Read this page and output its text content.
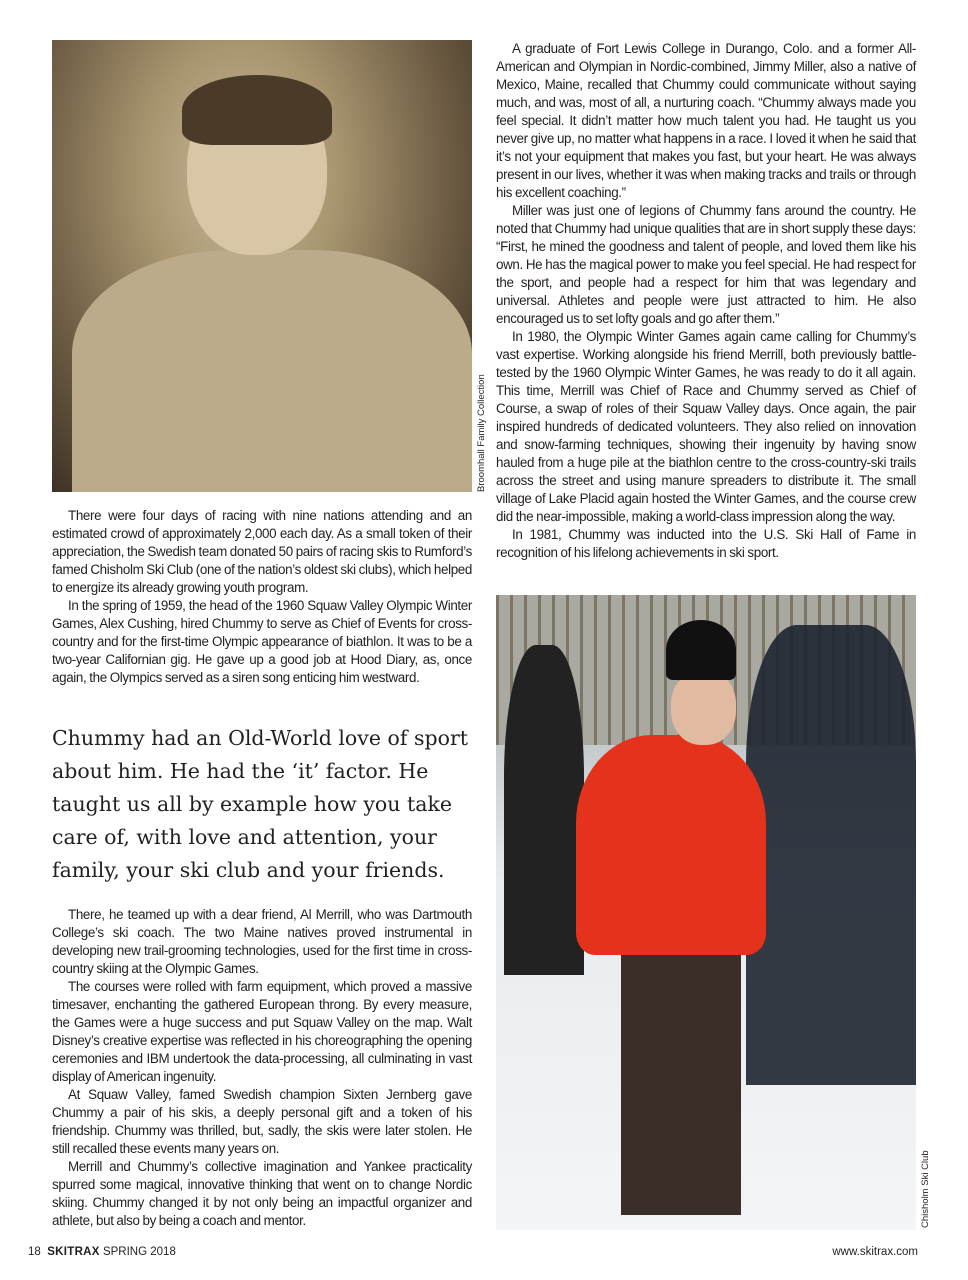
Broomhall Family Collection

There were four days of racing with nine nations attending and an estimated crowd of approximately 2,000 each day. As a small token of their appreciation, the Swedish team donated 50 pairs of racing skis to Rumford’s famed Chisholm Ski Club (one of the nation’s oldest ski clubs), which helped to energize its already growing youth program.

In the spring of 1959, the head of the 1960 Squaw Valley Olympic Winter Games, Alex Cushing, hired Chummy to serve as Chief of Events for cross-country and for the first-time Olympic appearance of biathlon. It was to be a two-year Californian gig. He gave up a good job at Hood Diary, as, once again, the Olympics served as a siren song enticing him westward.

Chummy had an Old-World love of sport about him. He had the ‘it’ factor. He taught us all by example how you take care of, with love and attention, your family, your ski club and your friends.

There, he teamed up with a dear friend, Al Merrill, who was Dartmouth College’s ski coach. The two Maine natives proved instrumental in developing new trail-grooming technologies, used for the first time in cross-country skiing at the Olympic Games.

The courses were rolled with farm equipment, which proved a massive timesaver, enchanting the gathered European throng. By every measure, the Games were a huge success and put Squaw Valley on the map. Walt Disney’s creative expertise was reflected in his choreographing the opening ceremonies and IBM undertook the data-processing, all culminating in vast display of American ingenuity.

At Squaw Valley, famed Swedish champion Sixten Jernberg gave Chummy a pair of his skis, a deeply personal gift and a token of his friendship. Chummy was thrilled, but, sadly, the skis were later stolen. He still recalled these events many years on.

Merrill and Chummy’s collective imagination and Yankee practicality spurred some magical, innovative thinking that went on to change Nordic skiing. Chummy changed it by not only being an impactful organizer and athlete, but also by being a coach and mentor.

A graduate of Fort Lewis College in Durango, Colo. and a former All-American and Olympian in Nordic-combined, Jimmy Miller, also a native of Mexico, Maine, recalled that Chummy could communicate without saying much, and was, most of all, a nurturing coach. “Chummy always made you feel special. It didn’t matter how much talent you had. He taught us you never give up, no matter what happens in a race. I loved it when he said that it’s not your equipment that makes you fast, but your heart. He was always present in our lives, whether it was when making tracks and trails or through his excellent coaching.”

Miller was just one of legions of Chummy fans around the country. He noted that Chummy had unique qualities that are in short supply these days: “First, he mined the goodness and talent of people, and loved them like his own. He has the magical power to make you feel special. He had respect for the sport, and people had a respect for him that was legendary and universal. Athletes and people were just attracted to him. He also encouraged us to set lofty goals and go after them.”

In 1980, the Olympic Winter Games again came calling for Chummy’s vast expertise. Working alongside his friend Merrill, both previously battle-tested by the 1960 Olympic Winter Games, he was ready to do it all again. This time, Merrill was Chief of Race and Chummy served as Chief of Course, a swap of roles of their Squaw Valley days. Once again, the pair inspired hundreds of dedicated volunteers. They also relied on innovation and snow-farming techniques, showing their ingenuity by having snow hauled from a huge pile at the biathlon centre to the cross-country-ski trails across the street and using manure spreaders to distribute it. The small village of Lake Placid again hosted the Winter Games, and the course crew did the near-impossible, making a world-class impression along the way.

In 1981, Chummy was inducted into the U.S. Ski Hall of Fame in recognition of his lifelong achievements in ski sport.

Chisholm Ski Club
18 SKITRAX SPRING 2018	www.skitrax.com
